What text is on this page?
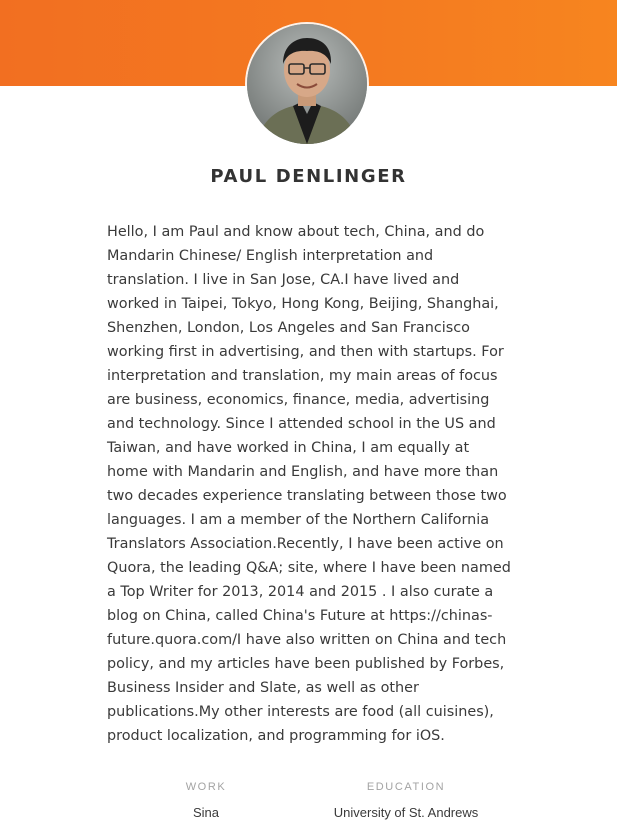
PAUL DENLINGER

Hello, I am Paul and know about tech, China, and do Mandarin Chinese/ English interpretation and translation. I live in San Jose, CA.I have lived and worked in Taipei, Tokyo, Hong Kong, Beijing, Shanghai, Shenzhen, London, Los Angeles and San Francisco working first in advertising, and then with startups. For interpretation and translation, my main areas of focus are business, economics, finance, media, advertising and technology. Since I attended school in the US and Taiwan, and have worked in China, I am equally at home with Mandarin and English, and have more than two decades experience translating between those two languages. I am a member of the Northern California Translators Association.Recently, I have been active on Quora, the leading Q&A; site, where I have been named a Top Writer for 2013, 2014 and 2015 . I also curate a blog on China, called China's Future at https://chinas-future.quora.com/I have also written on China and tech policy, and my articles have been published by Forbes, Business Insider and Slate, as well as other publications.My other interests are food (all cuisines), product localization, and programming for iOS.

WORK
Sina
EDUCATION
University of St. Andrews
